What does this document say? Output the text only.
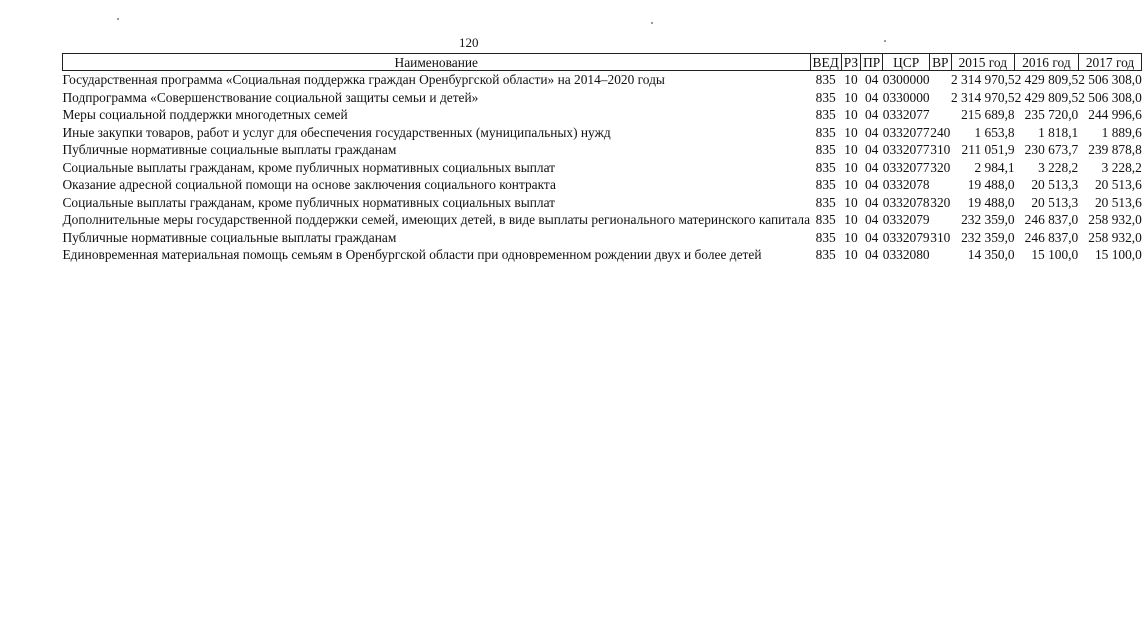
120
Наименование	ВЕД	РЗ	ПР	ЦСР	ВР	2015 год	2016 год	2017 год
Государственная программа «Социальная поддержка граждан Оренбургской области» на 2014–2020 годы	835	10	04	0300000		2 314 970,5	2 429 809,5	2 506 308,0
Подпрограмма «Совершенствование социальной защиты семьи и детей»	835	10	04	0330000		2 314 970,5	2 429 809,5	2 506 308,0
Меры социальной поддержки многодетных семей	835	10	04	0332077		215 689,8	235 720,0	244 996,6
Иные закупки товаров, работ и услуг для обеспечения государственных (муниципальных) нужд	835	10	04	0332077	240	1 653,8	1 818,1	1 889,6
Публичные нормативные социальные выплаты гражданам	835	10	04	0332077	310	211 051,9	230 673,7	239 878,8
Социальные выплаты гражданам, кроме публичных нормативных социальных выплат	835	10	04	0332077	320	2 984,1	3 228,2	3 228,2
Оказание адресной социальной помощи на основе заключения социального контракта	835	10	04	0332078		19 488,0	20 513,3	20 513,6
Социальные выплаты гражданам, кроме публичных нормативных социальных выплат	835	10	04	0332078	320	19 488,0	20 513,3	20 513,6
Дополнительные меры государственной поддержки семей, имеющих детей, в виде выплаты регионального материнского капитала	835	10	04	0332079		232 359,0	246 837,0	258 932,0
Публичные нормативные социальные выплаты гражданам	835	10	04	0332079	310	232 359,0	246 837,0	258 932,0
Единовременная материальная помощь семьям в Оренбургской области при одновременном рождении двух и более детей	835	10	04	0332080		14 350,0	15 100,0	15 100,0
